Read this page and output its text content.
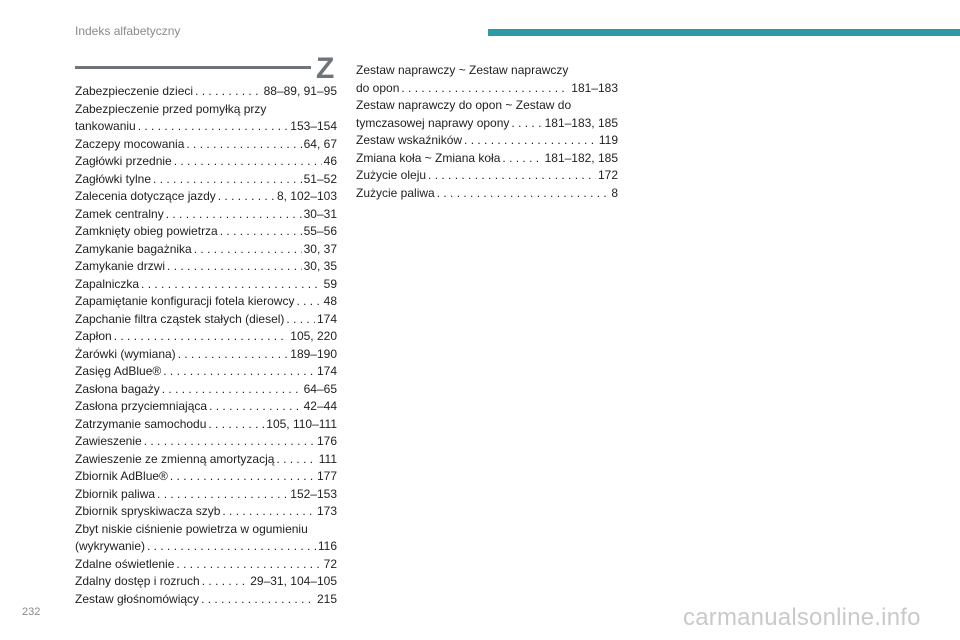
Indeks alfabetyczny
Z
Zabezpieczenie dzieci . . .	88–89, 91–95
Zabezpieczenie przed pomyłką przy
tankowaniu . . .	153–154
Zaczepy mocowania . . .	64, 67
Zagłówki przednie . . .	46
Zagłówki tylne . . .	51–52
Zalecenia dotyczące jazdy . . .	8, 102–103
Zamek centralny . . .	30–31
Zamknięty obieg powietrza . . .	55–56
Zamykanie bagażnika . . .	30, 37
Zamykanie drzwi . . .	30, 35
Zapalniczka . . .	59
Zapamiętanie konfiguracji fotela kierowcy . . . 48
Zapchanie filtra cząstek stałych (diesel) . . .	174
Zapłon . . .	105, 220
Żarówki (wymiana) . . .	189–190
Zasięg AdBlue® . . .	174
Zasłona bagaży . . .	64–65
Zasłona przyciemniająca . . .	42–44
Zatrzymanie samochodu . . .	105, 110–111
Zawieszenie . . .	176
Zawieszenie ze zmienną amortyzacją . . .	111
Zbiornik AdBlue® . . .	177
Zbiornik paliwa . . .	152–153
Zbiornik spryskiwacza szyb . . .	173
Zbyt niskie ciśnienie powietrza w ogumieniu
(wykrywanie) . . .	116
Zdalne oświetlenie . . .	72
Zdalny dostęp i rozruch . . .	29–31, 104–105
Zestaw głośnomówiący . . .	215
Zestaw naprawczy ~ Zestaw naprawczy
do opon . . .	181–183
Zestaw naprawczy do opon ~ Zestaw do
tymczasowej naprawy opony . . .	181–183, 185
Zestaw wskaźników . . .	119
Zmiana koła ~ Zmiana koła . . .	181–182, 185
Zużycie oleju . . .	172
Zużycie paliwa . . .	8
232	carmanualsonline.info
